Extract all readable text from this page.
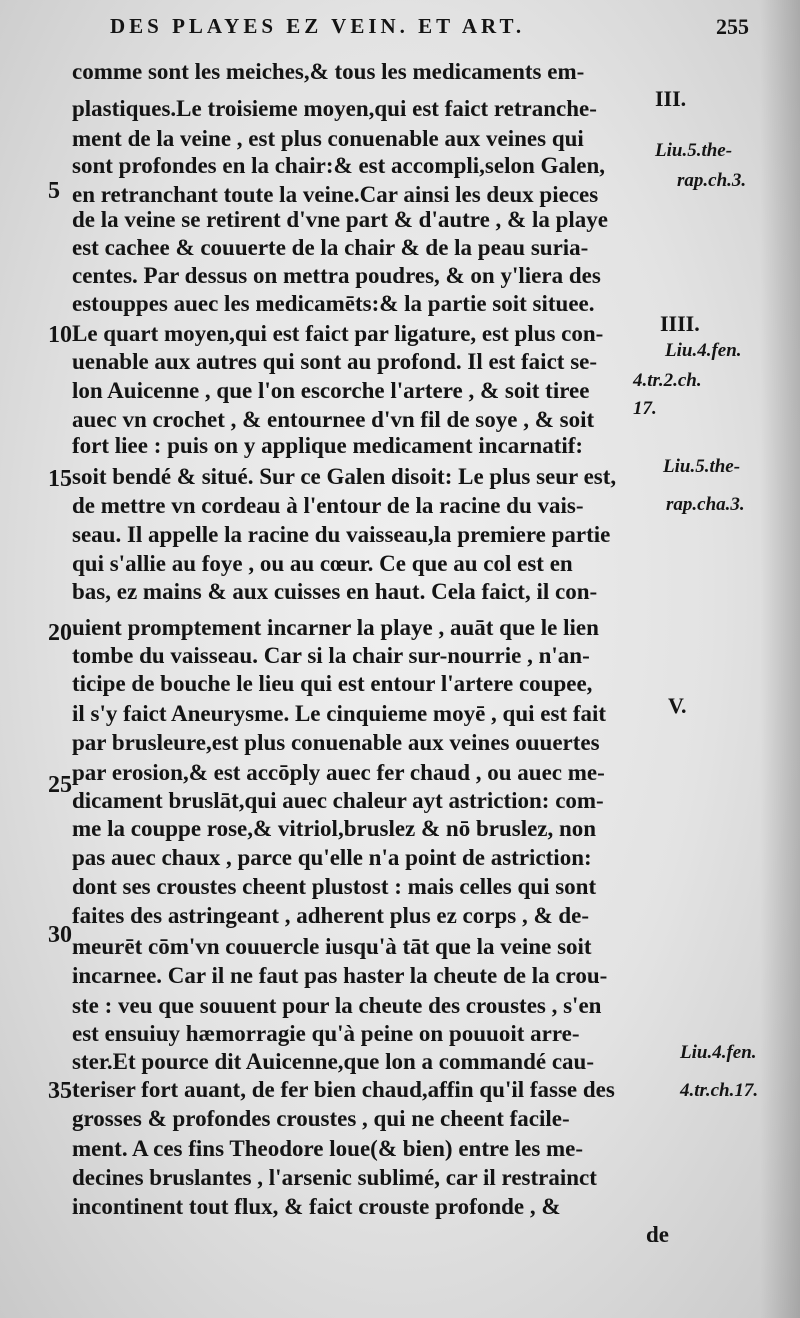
DES PLAYES EZ VEIN. ET ART.	255
comme sont les meiches,& tous les medicaments em-
plastiques.Le troisieme moyen,qui est faict retranche-
ment de la veine , est plus conuenable aux veines qui
sont profondes en la chair:& est accompli,selon Galen,
en retranchant toute la veine.Car ainsi les deux pieces
de la veine se retirent d'vne part & d'autre , & la playe
est cachee & couuerte de la chair & de la peau suria-
centes. Par dessus on mettra poudres, & on y'liera des
estouppes auec les medicamēts:& la partie soit situee.
Le quart moyen,qui est faict par ligature, est plus con-
uenable aux autres qui sont au profond. Il est faict se-
lon Auicenne , que l'on escorche l'artere , & soit tiree
auec vn crochet , & entournee d'vn fil de soye , & soit
fort liee : puis on y applique medicament incarnatif:
soit bendé & situé. Sur ce Galen disoit: Le plus seur est,
de mettre vn cordeau à l'entour de la racine du vais-
seau. Il appelle la racine du vaisseau,la premiere partie
qui s'allie au foye , ou au cœur. Ce que au col est en
bas, ez mains & aux cuisses en haut. Cela faict, il con-
uient promptement incarner la playe , auāt que le lien
tombe du vaisseau. Car si la chair sur-nourrie , n'an-
ticipe de bouche le lieu qui est entour l'artere coupee,
il s'y faict Aneurysme. Le cinquieme moyē , qui est fait
par brusleure,est plus conuenable aux veines ouuertes
par erosion,& est accōply auec fer chaud , ou auec me-
dicament bruslāt,qui auec chaleur ayt astriction: com-
me la couppe rose,& vitriol,bruslez & nō bruslez, non
pas auec chaux , parce qu'elle n'a point de astriction:
dont ses croustes cheent plustost : mais celles qui sont
faites des astringeant , adherent plus ez corps , & de-
meurēt cōm'vn couuercle iusqu'à tāt que la veine soit
incarnee. Car il ne faut pas haster la cheute de la crou-
ste : veu que souuent pour la cheute des croustes , s'en
est ensuiuy hæmorragie qu'à peine on pouuoit arre-
ster.Et pource dit Auicenne,que lon a commandé cau-
teriser fort auant, de fer bien chaud,affin qu'il fasse des
grosses & profondes croustes , qui ne cheent facile-
ment. A ces fins Theodore loue(& bien) entre les me-
decines bruslantes , l'arsenic sublimé, car il restrainct
incontinent tout flux, & faict crouste profonde , &
de
5
10
15
20
25
30
35
III.
Liu.5.the-
rap.ch.3.
IIII.
Liu.4.fen.
4.tr.2.ch.
17.
Liu.5.the-
rap.cha.3.
V.
Liu.4.fen.
4.tr.ch.17.
